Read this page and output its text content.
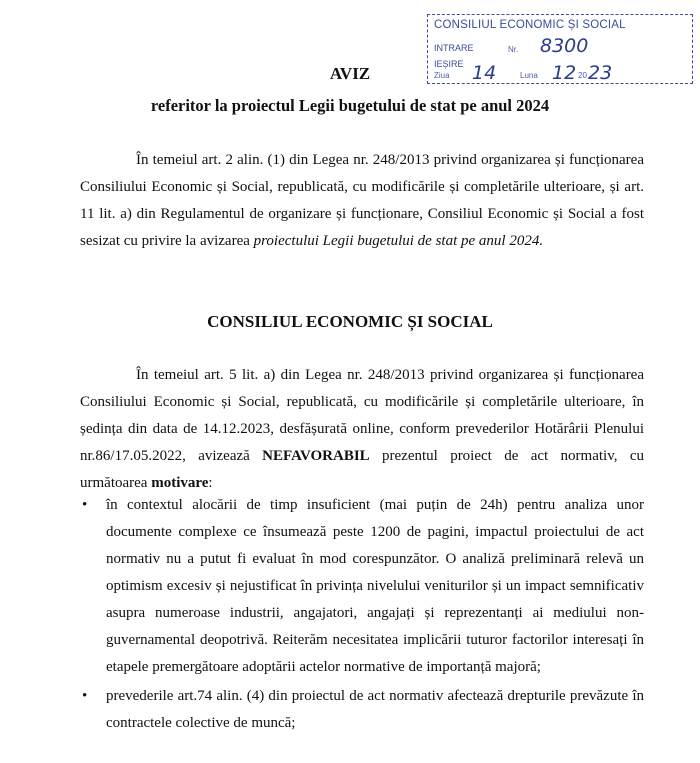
CONSILIUL ECONOMIC ȘI SOCIAL
INTRARE	Nr. 8300
IEȘIRE
Ziua 14	Luna 12 20 23
AVIZ
referitor la proiectul Legii bugetului de stat pe anul 2024
În temeiul art. 2 alin. (1) din Legea nr. 248/2013 privind organizarea și funcționarea Consiliului Economic și Social, republicată, cu modificările și completările ulterioare, și art. 11 lit. a) din Regulamentul de organizare și funcționare, Consiliul Economic și Social a fost sesizat cu privire la avizarea proiectului Legii bugetului de stat pe anul 2024.
CONSILIUL ECONOMIC ȘI SOCIAL
În temeiul art. 5 lit. a) din Legea nr. 248/2013 privind organizarea și funcționarea Consiliului Economic și Social, republicată, cu modificările și completările ulterioare, în ședința din data de 14.12.2023, desfășurată online, conform prevederilor Hotărârii Plenului nr.86/17.05.2022, avizează NEFAVORABIL prezentul proiect de act normativ, cu următoarea motivare:
• în contextul alocării de timp insuficient (mai puțin de 24h) pentru analiza unor documente complexe ce însumează peste 1200 de pagini, impactul proiectului de act normativ nu a putut fi evaluat în mod corespunzător. O analiză preliminară relevă un optimism excesiv și nejustificat în privința nivelului veniturilor și un impact semnificativ asupra numeroase industrii, angajatori, angajați și reprezentanți ai mediului non-guvernamental deopotrivă. Reiterăm necesitatea implicării tuturor factorilor interesați în etapele premergătoare adoptării actelor normative de importanță majoră;
• prevederile art.74 alin. (4) din proiectul de act normativ afectează drepturile prevăzute în contractele colective de muncă;
